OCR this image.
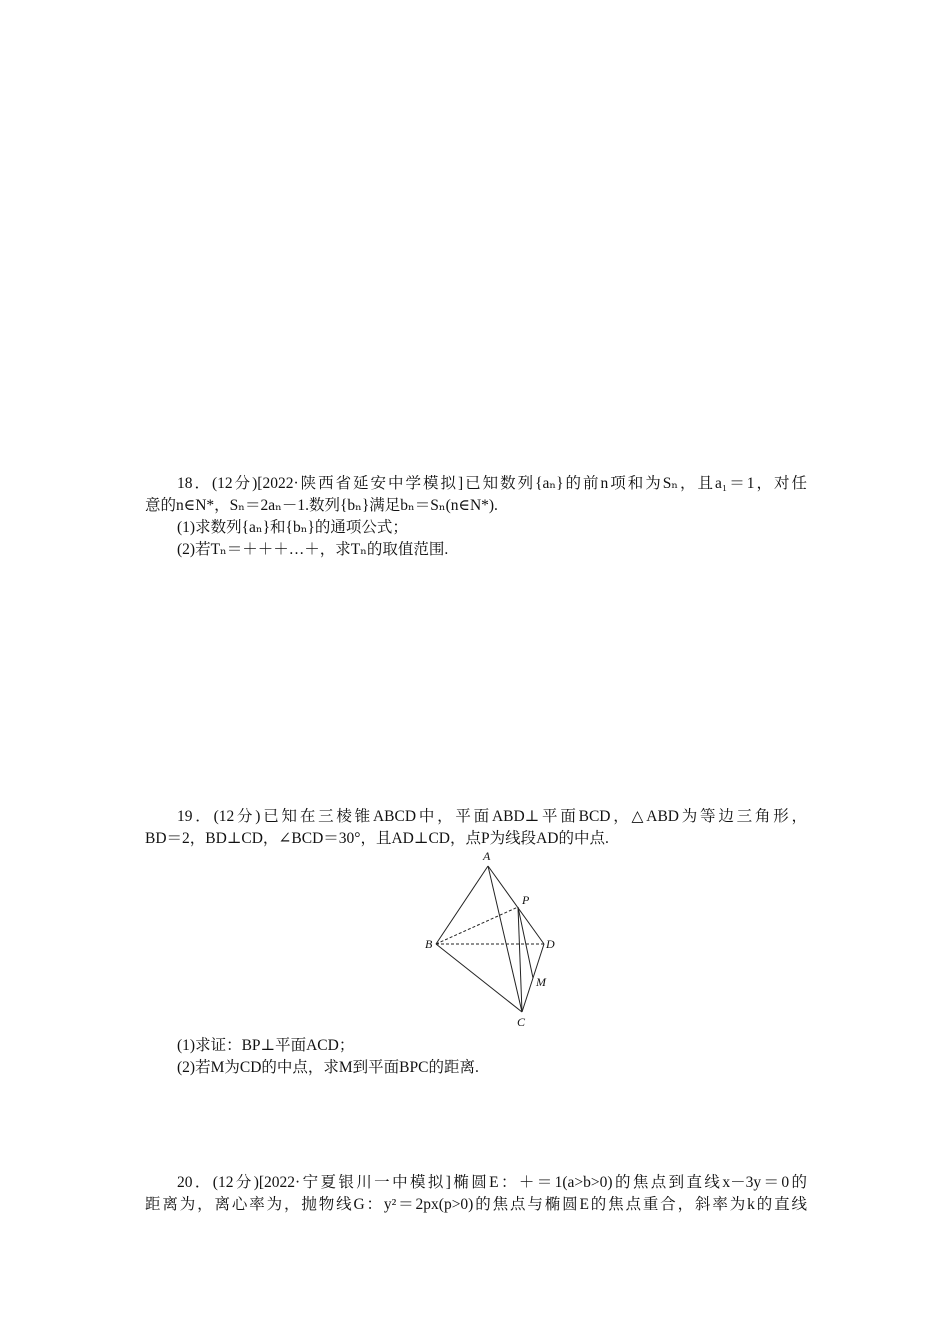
18．(12分)[2022·陕西省延安中学模拟]已知数列{aₙ}的前n项和为Sₙ，且a₁＝1，对任
意的n∈N*，Sₙ＝2aₙ－1.数列{bₙ}满足bₙ＝Sₙ(n∈N*).
(1)求数列{aₙ}和{bₙ}的通项公式；
(2)若Tₙ＝＋＋＋…＋，求Tₙ的取值范围.
19．(12分)已知在三棱锥ABCD中，平面ABD⊥平面BCD，△ABD为等边三角形，
BD＝2，BD⊥CD，∠BCD＝30°，且AD⊥CD，点P为线段AD的中点.
A
B
C
D
P
M
(1)求证：BP⊥平面ACD；
(2)若M为CD的中点，求M到平面BPC的距离.
20．(12分)[2022·宁夏银川一中模拟]椭圆E：＋＝1(a>b>0)的焦点到直线x－3y＝0的
距离为，离心率为，抛物线G：y²＝2px(p>0)的焦点与椭圆E的焦点重合，斜率为k的直线
